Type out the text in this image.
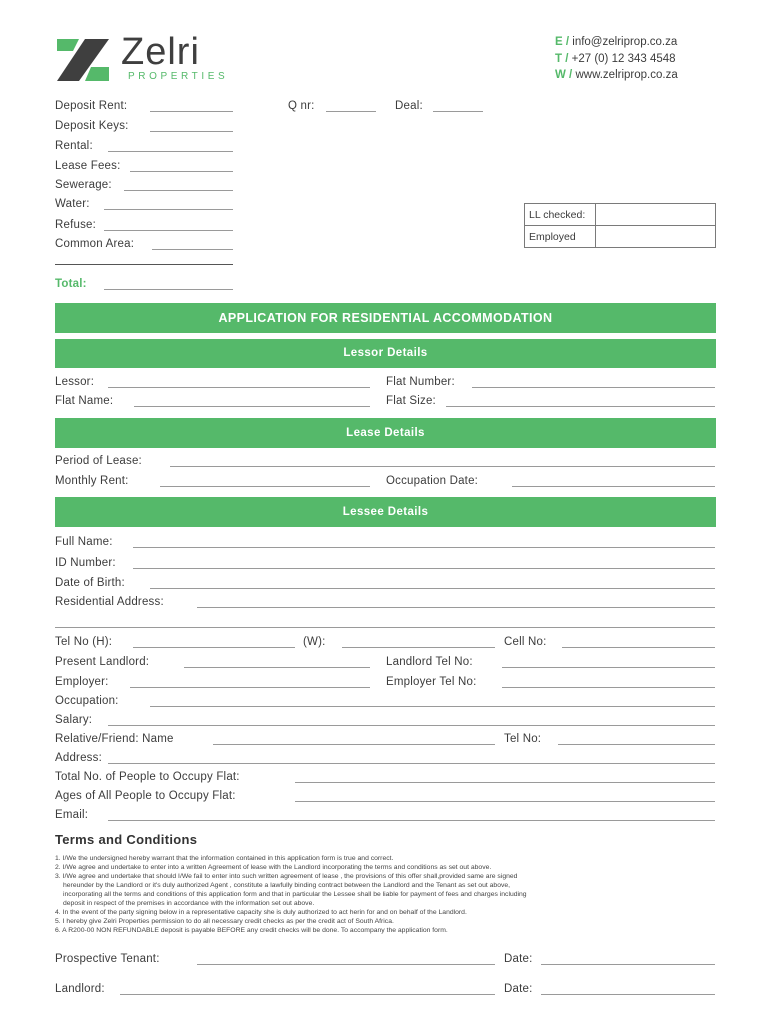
Zelri
PROPERTIES
E / info@zelriprop.co.za
T / +27 (0) 12 343 4548
W / www.zelriprop.co.za
Deposit Rent:	Q nr:	Deal:
Deposit Keys:
Rental:
Lease Fees:
Sewerage:
Water:
Refuse:
Common Area:
Total:
LL checked:	
Employed	
APPLICATION FOR RESIDENTIAL ACCOMMODATION
Lessor Details
Lessor:	Flat Number:
Flat Name:	Flat Size:
Lease Details
Period of Lease:
Monthly Rent:	Occupation Date:
Lessee Details
Full Name:
ID Number:
Date of Birth:
Residential Address:
Tel No (H):	(W):	Cell No:
Present Landlord:	Landlord Tel No:
Employer:	Employer Tel No:
Occupation:
Salary:
Relative/Friend: Name	Tel No:
Address:
Total No. of People to Occupy Flat:
Ages of All People to Occupy Flat:
Email:
Terms and Conditions

1. I/We the undersigned hereby warrant that the information contained in this application form is true and correct.

2. I/We agree and undertake to enter into a written Agreement of lease with the Landlord incorporating the terms and conditions as set out above.

3. I/We agree and undertake that should I/We fail to enter into such written agreement of lease , the provisions of this offer shall,provided same are signed

hereunder by the Landlord or it's duly authorized Agent , constitute a lawfully binding contract between the Landlord and the Tenant as set out above,

incorporating all the terms and conditions of this application form and that in particular the Lessee shall be liable for payment of fees and charges including

deposit in respect of the premises in accordance with the information set out above.

4. In the event of the party signing below in a representative capacity she is duly authorized to act herin for and on behalf of the Landlord.

5. I hereby give Zelri Properties permission to do all necessary credit checks as per the credit act of South Africa.

6. A R200-00 NON REFUNDABLE deposit is payable BEFORE any credit checks will be done. To accompany the application form.

Prospective Tenant:	Date:
Landlord:	Date:
